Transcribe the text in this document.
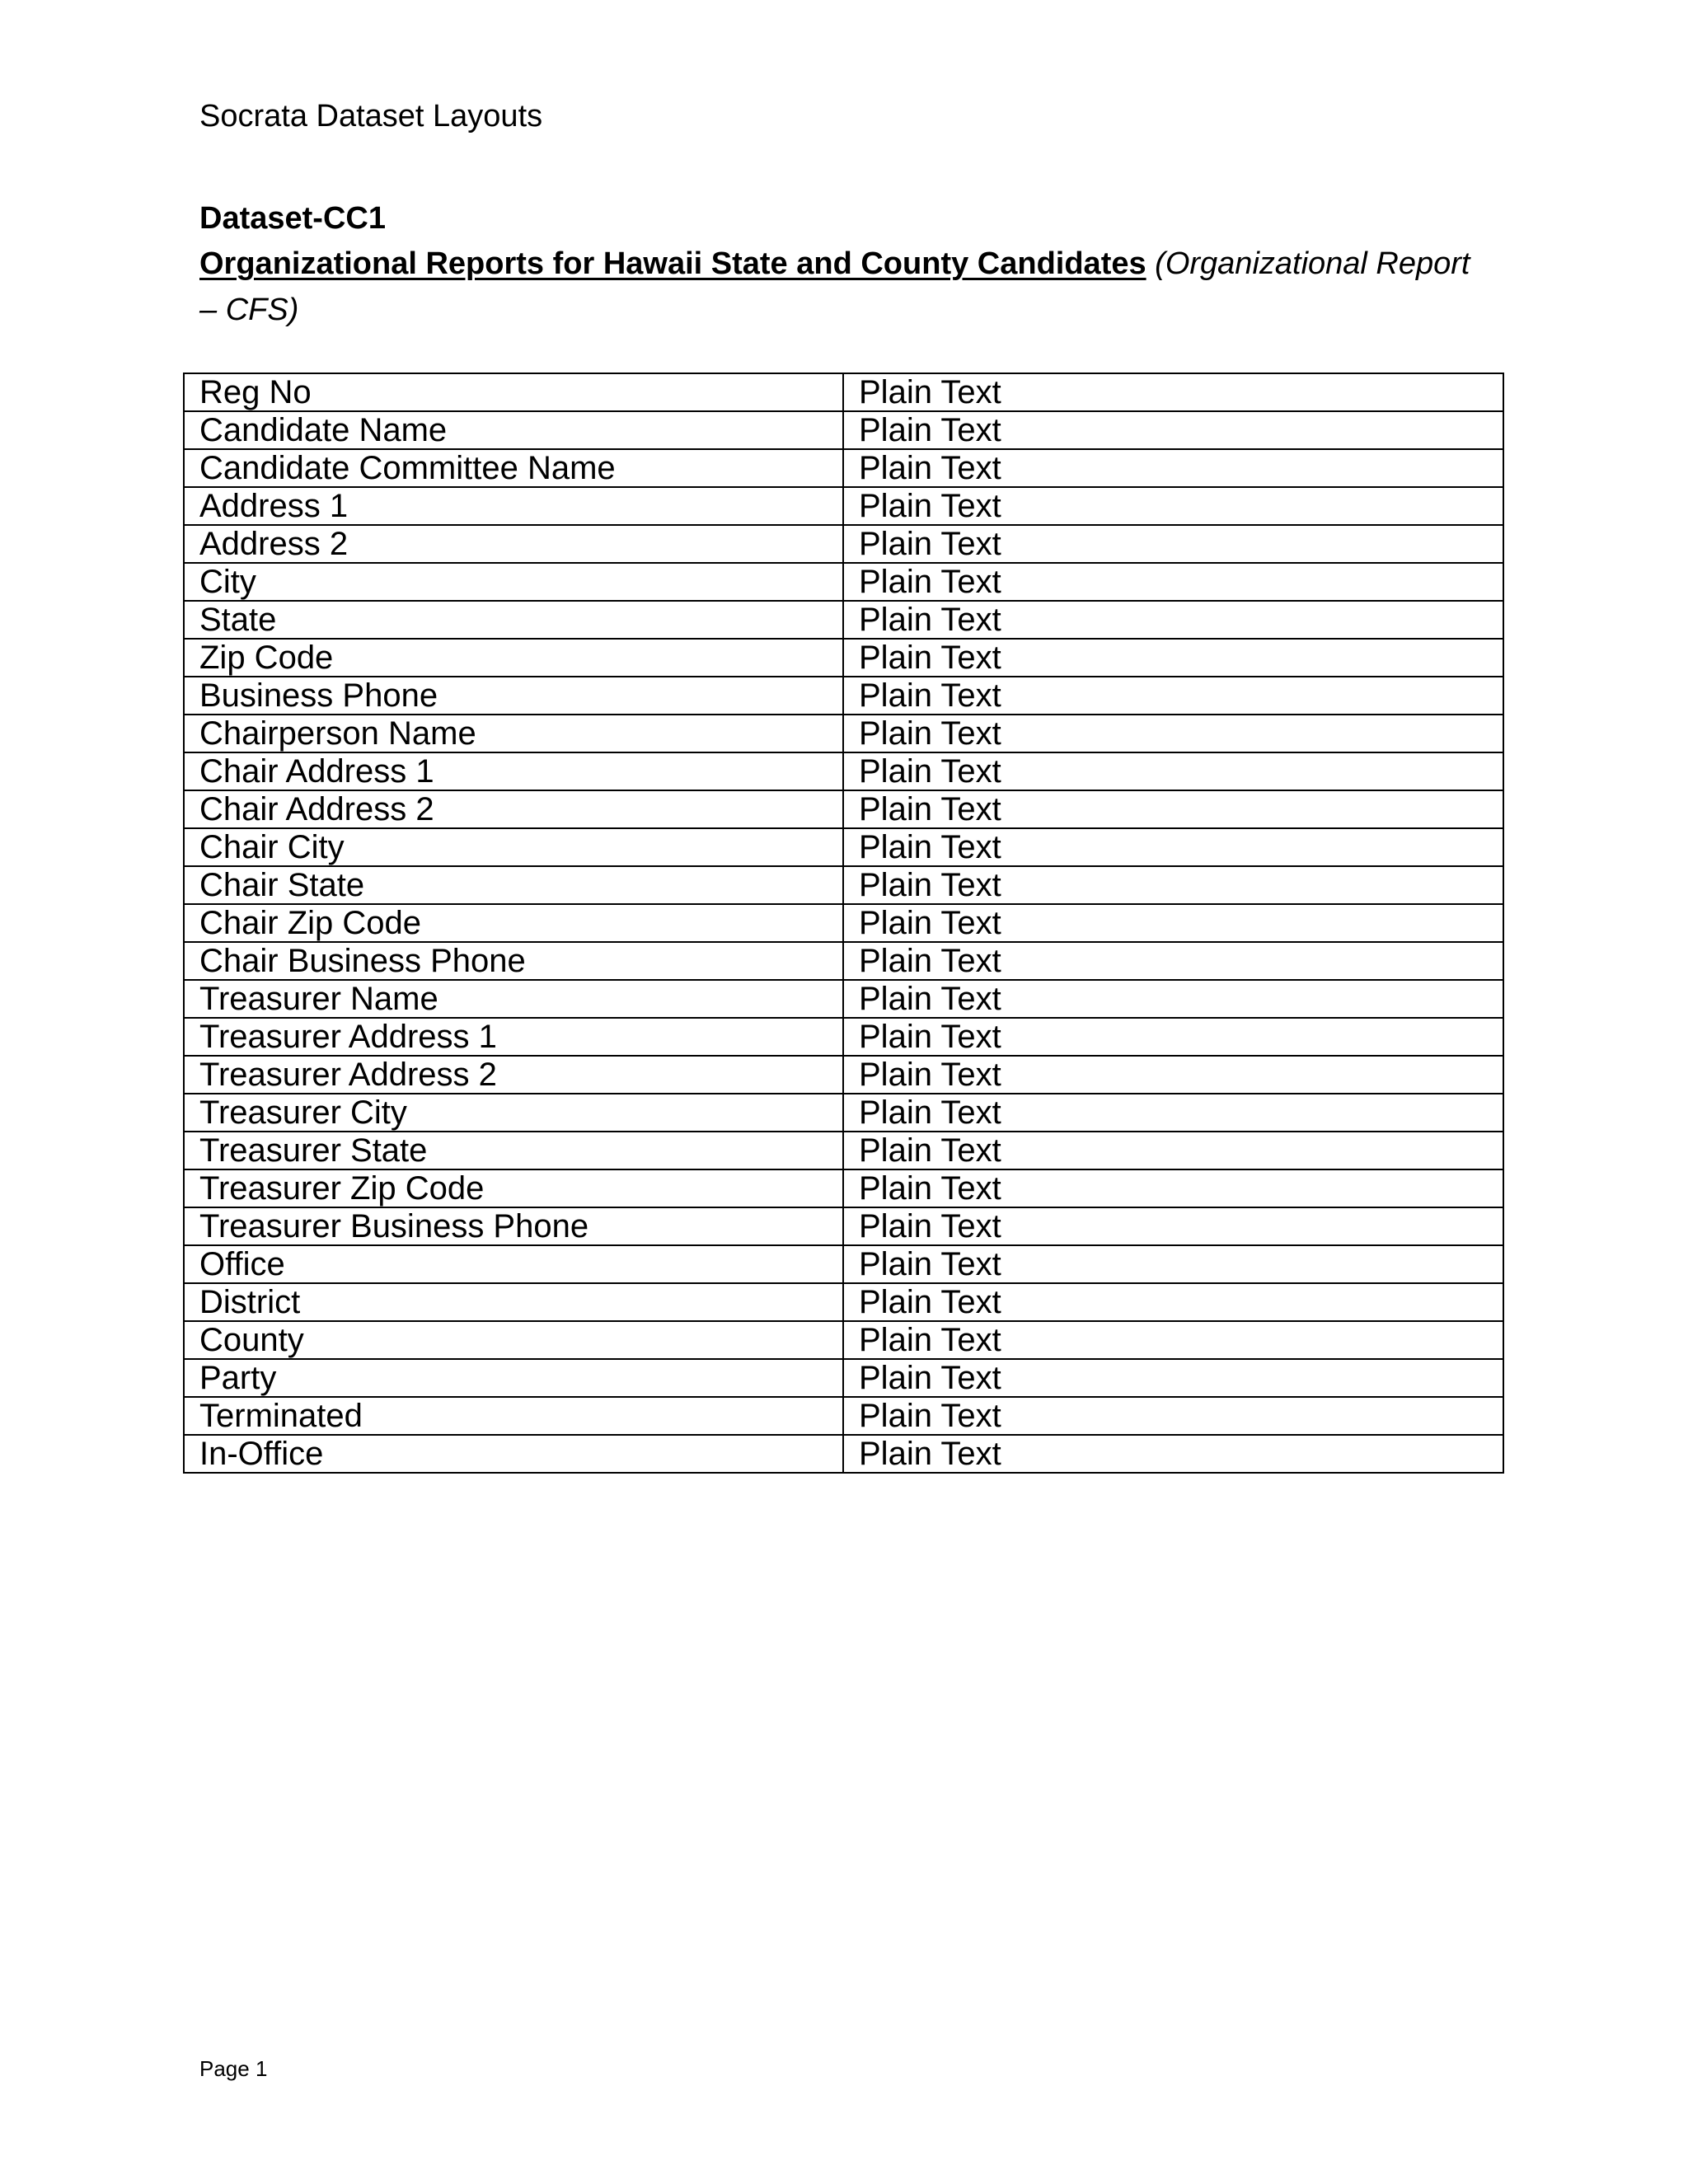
Socrata Dataset Layouts
Dataset-CC1
Organizational Reports for Hawaii State and County Candidates (Organizational Report – CFS)
Reg No	Plain Text
Candidate Name	Plain Text
Candidate Committee Name	Plain Text
Address 1	Plain Text
Address 2	Plain Text
City	Plain Text
State	Plain Text
Zip Code	Plain Text
Business Phone	Plain Text
Chairperson Name	Plain Text
Chair Address 1	Plain Text
Chair Address 2	Plain Text
Chair City	Plain Text
Chair State	Plain Text
Chair Zip Code	Plain Text
Chair Business Phone	Plain Text
Treasurer Name	Plain Text
Treasurer Address 1	Plain Text
Treasurer Address 2	Plain Text
Treasurer City	Plain Text
Treasurer State	Plain Text
Treasurer Zip Code	Plain Text
Treasurer Business Phone	Plain Text
Office	Plain Text
District	Plain Text
County	Plain Text
Party	Plain Text
Terminated	Plain Text
In-Office	Plain Text
Page 1
